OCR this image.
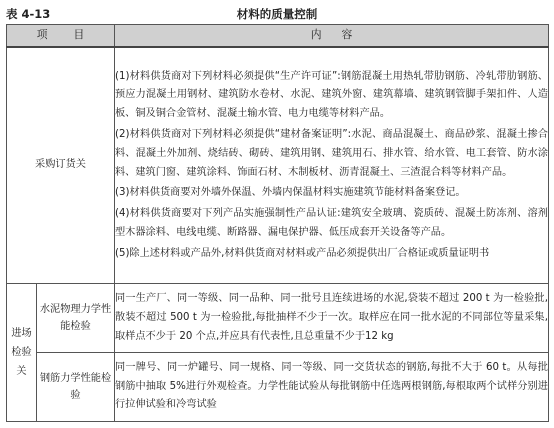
表 4-13	材料的质量控制
项目		内容
采购订货关		(1)材料供货商对下列材料必须提供“生产许可证”:钢筋混凝土用热轧带肋钢筋、冷轧带肋钢筋、预应力混凝土用钢材、建筑防水卷材、水泥、建筑外窗、建筑幕墙、建筑钢管脚手架扣件、人造板、铜及铜合金管材、混凝土输水管、电力电缆等材料产品。

(2)材料供货商对下列材料必须提供“建材备案证明”:水泥、商品混凝土、商品砂浆、混凝土掺合料、混凝土外加剂、烧结砖、砌砖、建筑用钢、建筑用石、排水管、给水管、电工套管、防水涂料、建筑门窗、建筑涂料、饰面石材、木制板材、沥青混凝土、三渣混合料等材料产品。

(3)材料供货商要对外墙外保温、外墙内保温材料实施建筑节能材料备案登记。

(4)材料供货商要对下列产品实施强制性产品认证:建筑安全玻璃、瓷质砖、混凝土防冻剂、溶剂型木器涂料、电线电缆、断路器、漏电保护器、低压成套开关设备等产品。

(5)除上述材料或产品外,材料供货商对材料或产品必须提供出厂合格证或质量证明书

进场
检验
关	水泥物理力学性能检验	同一生产厂、同一等级、同一品种、同一批号且连续进场的水泥,袋装不超过 200 t 为一检验批,散装不超过 500 t 为一检验批,每批抽样不少于一次。取样应在同一批水泥的不同部位等量采集,取样点不少于 20 个点,并应具有代表性,且总重量不少于12 kg
	钢筋力学性能检验	同一牌号、同一炉罐号、同一规格、同一等级、同一交货状态的钢筋,每批不大于 60 t。从每批钢筋中抽取 5%进行外观检查。力学性能试验从每批钢筋中任选两根钢筋,每根取两个试样分别进行拉伸试验和冷弯试验
